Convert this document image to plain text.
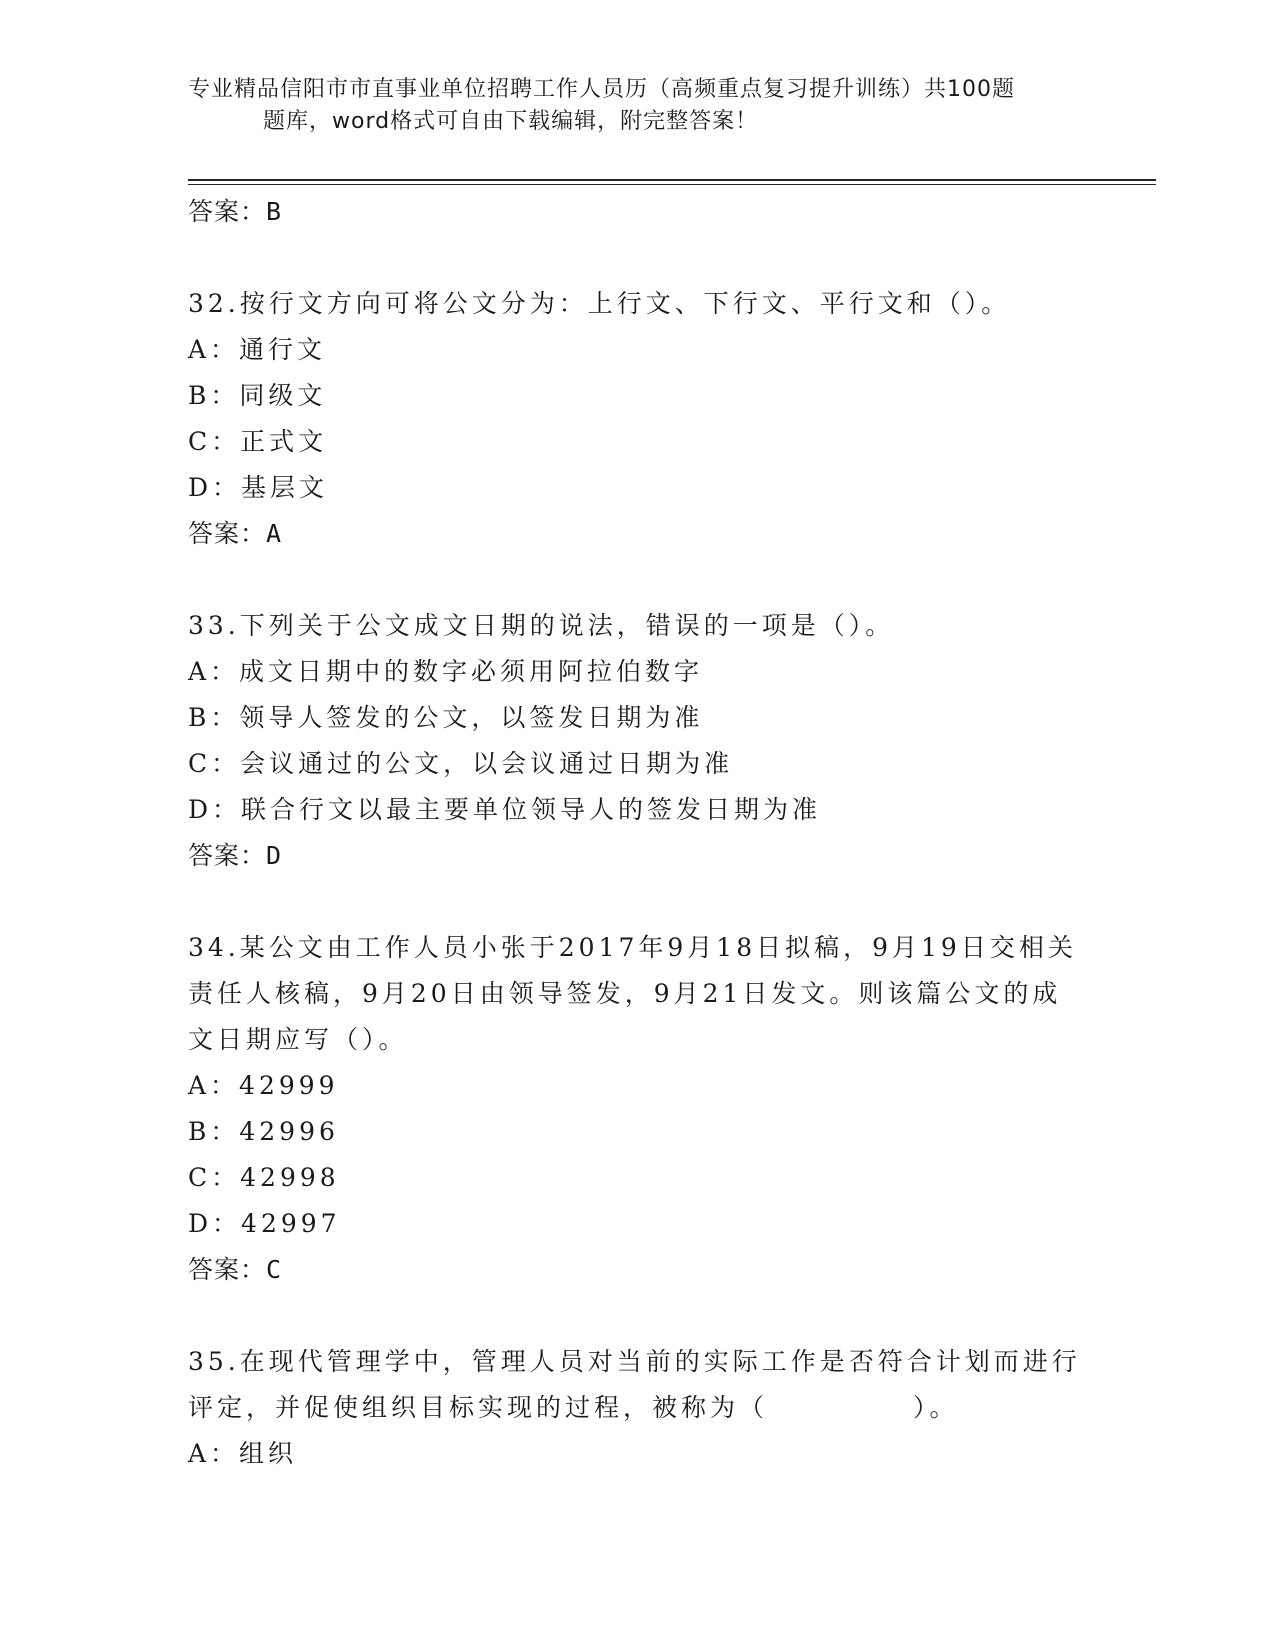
专业精品信阳市市直事业单位招聘工作人员历（高频重点复习提升训练）共100题
题库，word格式可自由下载编辑，附完整答案！
答案：B
32.按行文方向可将公文分为：上行文、下行文、平行文和（）。
A：通行文
B：同级文
C：正式文
D：基层文
答案：A
33.下列关于公文成文日期的说法，错误的一项是（）。
A：成文日期中的数字必须用阿拉伯数字
B：领导人签发的公文，以签发日期为准
C：会议通过的公文，以会议通过日期为准
D：联合行文以最主要单位领导人的签发日期为准
答案：D
34.某公文由工作人员小张于2017年9月18日拟稿，9月19日交相关
责任人核稿，9月20日由领导签发，9月21日发文。则该篇公文的成
文日期应写（）。
A：42999
B：42996
C：42998
D：42997
答案：C
35.在现代管理学中，管理人员对当前的实际工作是否符合计划而进行
评定，并促使组织目标实现的过程，被称为（　　　　　）。
A：组织
